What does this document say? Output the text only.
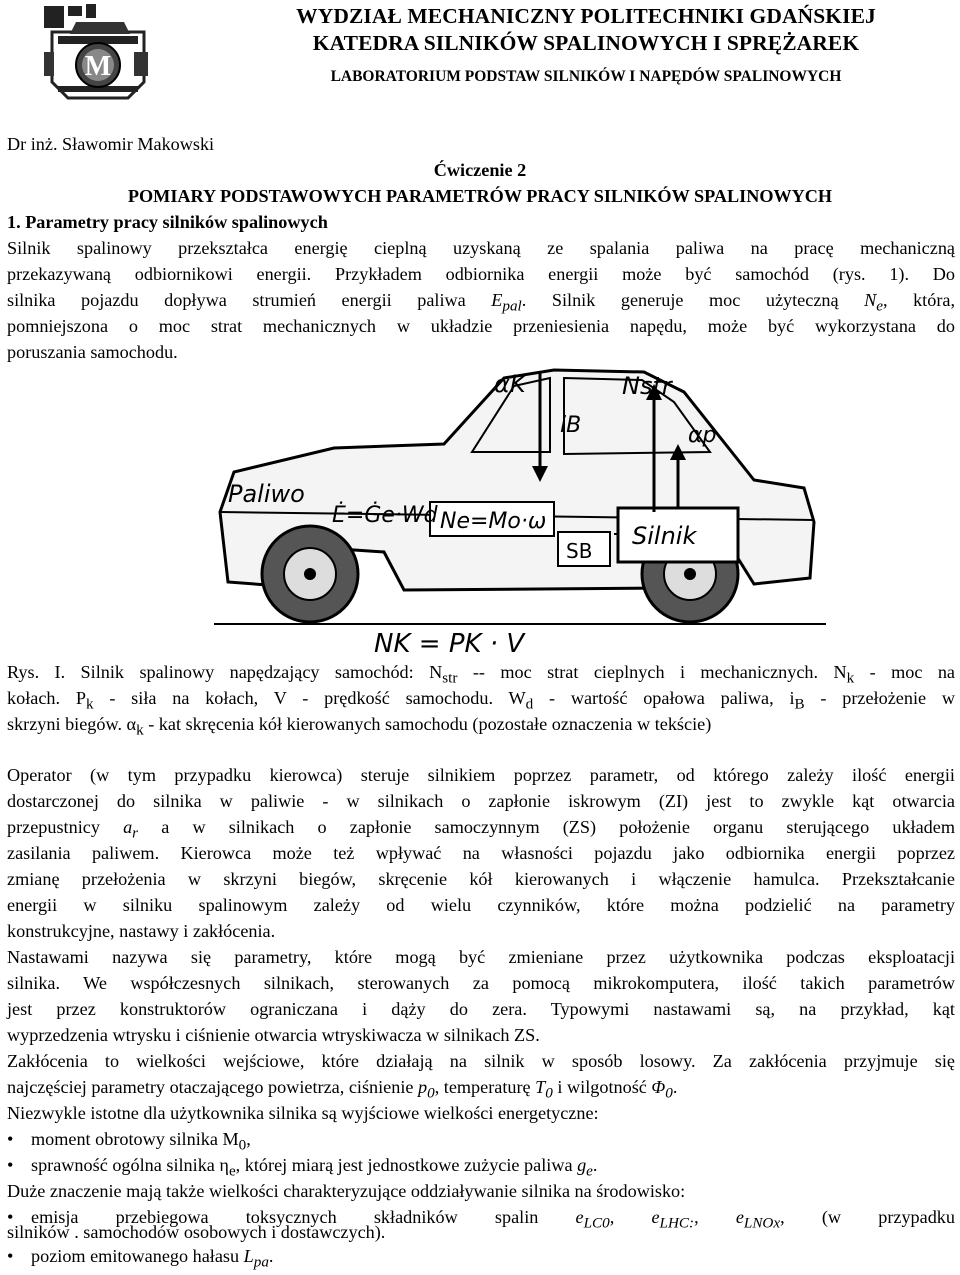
M
WYDZIAŁ MECHANICZNY POLITECHNIKI GDAŃSKIEJ
KATEDRA SILNIKÓW SPALINOWYCH I SPRĘŻAREK
LABORATORIUM PODSTAW SILNIKÓW I NAPĘDÓW SPALINOWYCH
Dr inż. Sławomir Makowski
Ćwiczenie 2
POMIARY PODSTAWOWYCH PARAMETRÓW PRACY SILNIKÓW SPALINOWYCH
1. Parametry pracy silników spalinowych
Silnik spalinowy przekształca energię cieplną uzyskaną ze spalania paliwa na pracę mechaniczną
przekazywaną odbiornikowi energii. Przykładem odbiornika energii może być samochód (rys. 1). Do
silnika pojazdu dopływa strumień energii paliwa $E_{pal}$. Silnik generuje moc użyteczną $N_e$, która,
pomniejszona o moc strat mechanicznych w układzie przeniesienia napędu, może być wykorzystana do
poruszania samochodu.
αK
iB
Nstr
αp
Paliwo
Ė=Ġe·Wd Ne=Mo·ω
SB
Silnik
NK = PK · V
Rys. I. Silnik spalinowy napędzający samochód: $N_{str}$ -- moc strat cieplnych i mechanicznych. $N_k$ - moc na
kołach. $P_k$ - siła na kołach, V - prędkość samochodu. $W_d$ - wartość opałowa paliwa, $i_B$ - przełożenie w
skrzyni biegów. $\alpha_k$ - kat skręcenia kół kierowanych samochodu (pozostałe oznaczenia w tekście)
Operator (w tym przypadku kierowca) steruje silnikiem poprzez parametr, od którego zależy ilość energii
dostarczonej do silnika w paliwie - w silnikach o zapłonie iskrowym (ZI) jest to zwykle kąt otwarcia
przepustnicy $a_r$ a w silnikach o zapłonie samoczynnym (ZS) położenie organu sterującego układem
zasilania paliwem. Kierowca może też wpływać na własności pojazdu jako odbiornika energii poprzez
zmianę przełożenia w skrzyni biegów, skręcenie kół kierowanych i włączenie hamulca. Przekształcanie
energii w silniku spalinowym zależy od wielu czynników, które można podzielić na parametry
konstrukcyjne, nastawy i zakłócenia.
Nastawami nazywa się parametry, które mogą być zmieniane przez użytkownika podczas eksploatacji
silnika. We współczesnych silnikach, sterowanych za pomocą mikrokomputera, ilość takich parametrów
jest przez konstruktorów ograniczana i dąży do zera. Typowymi nastawami są, na przykład, kąt
wyprzedzenia wtrysku i ciśnienie otwarcia wtryskiwacza w silnikach ZS.
Zakłócenia to wielkości wejściowe, które działają na silnik w sposób losowy. Za zakłócenia przyjmuje się
najczęściej parametry otaczającego powietrza, ciśnienie $p_0$, temperaturę $T_0$ i wilgotność $\Phi_0$.
Niezwykle istotne dla użytkownika silnika są wyjściowe wielkości energetyczne:
• moment obrotowy silnika $M_0$,
• sprawność ogólna silnika $\eta_e$, której miarą jest jednostkowe zużycie paliwa $g_e$.
Duże znaczenie mają także wielkości charakteryzujące oddziaływanie silnika na środowisko:
• emisja przebiegowa toksycznych składników spalin $e_{LC0}$, $e_{LHC:}$, $e_{LNOx}$, (w przypadku
silników . samochodów osobowych i dostawczych).
• poziom emitowanego hałasu $L_{pa}$.
